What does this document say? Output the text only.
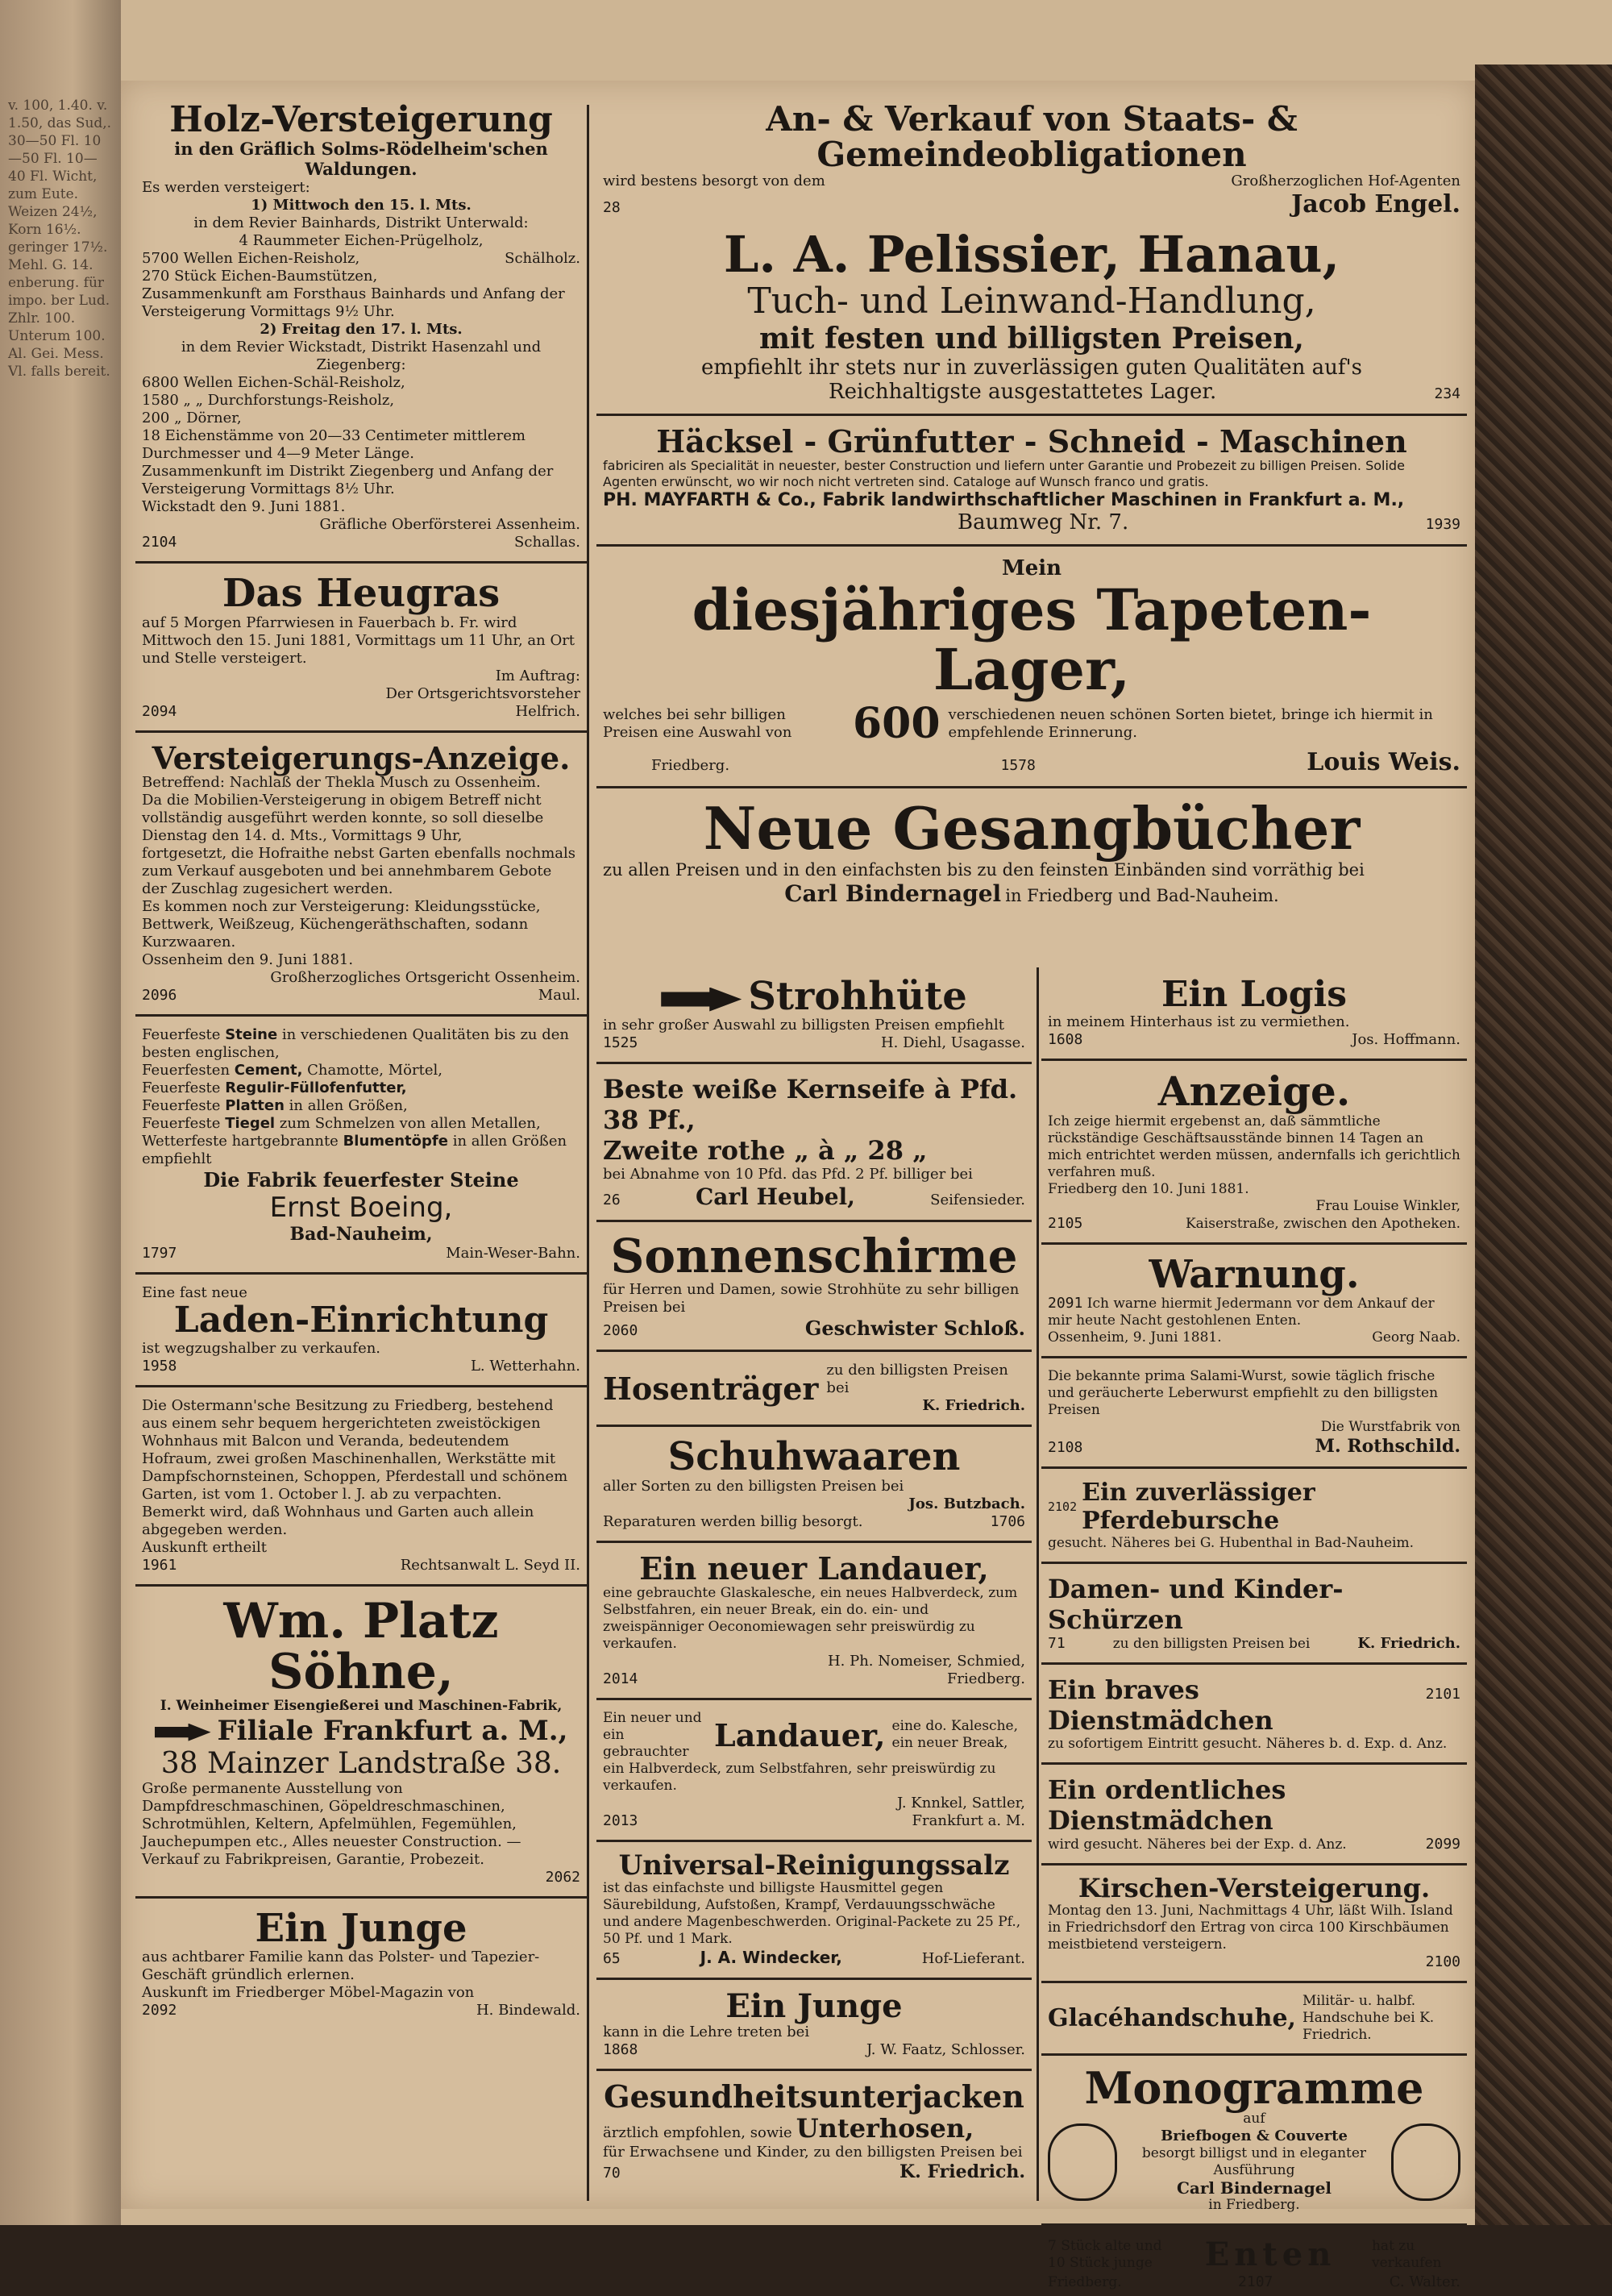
v. 100, 1.40. v. 1.50, das Sud,. 30—50 Fl. 10—50 Fl. 10—40 Fl. Wicht, zum Eute. Weizen 24½, Korn 16½. geringer 17½. Mehl. G. 14. enberung. für impo. ber Lud. Zhlr. 100. Unterum 100. Al. Gei. Mess. Vl. falls bereit.
Holz-Versteigerung
in den Gräflich Solms-Rödelheim'schen Waldungen.

Es werden versteigert:

1) Mittwoch den 15. l. Mts.

in dem Revier Bainhards, Distrikt Unterwald:

4 Raummeter Eichen-Prügelholz,

5700 Wellen Eichen-Reisholz,	Schälholz.

270 Stück Eichen-Baumstützen,

Zusammenkunft am Forsthaus Bainhards und Anfang der Versteigerung Vormittags 9½ Uhr.

2) Freitag den 17. l. Mts.

in dem Revier Wickstadt, Distrikt Hasenzahl und Ziegenberg:

6800 Wellen Eichen-Schäl-Reisholz,

1580 „ „ Durchforstungs-Reisholz,

200 „ Dörner,

18 Eichenstämme von 20—33 Centimeter mittlerem Durchmesser und 4—9 Meter Länge.

Zusammenkunft im Distrikt Ziegenberg und Anfang der Versteigerung Vormittags 8½ Uhr.

Wickstadt den 9. Juni 1881.

Gräfliche Oberförsterei Assenheim.

2104	Schallas.
Das Heugras

auf 5 Morgen Pfarrwiesen in Fauerbach b. Fr. wird Mittwoch den 15. Juni 1881, Vormittags um 11 Uhr, an Ort und Stelle versteigert.

Im Auftrag:

Der Ortsgerichtsvorsteher

2094	Helfrich.
Versteigerungs-Anzeige.

Betreffend: Nachlaß der Thekla Musch zu Ossenheim.

Da die Mobilien-Versteigerung in obigem Betreff nicht vollständig ausgeführt werden konnte, so soll dieselbe Dienstag den 14. d. Mts., Vormittags 9 Uhr,

fortgesetzt, die Hofraithe nebst Garten ebenfalls nochmals zum Verkauf ausgeboten und bei annehmbarem Gebote der Zuschlag zugesichert werden.

Es kommen noch zur Versteigerung: Kleidungsstücke, Bettwerk, Weißzeug, Küchengeräthschaften, sodann Kurzwaaren.

Ossenheim den 9. Juni 1881.

Großherzogliches Ortsgericht Ossenheim.

2096	Maul.

Feuerfeste Steine in verschiedenen Qualitäten bis zu den besten englischen,

Feuerfesten Cement, Chamotte, Mörtel,

Feuerfeste Regulir-Füllofenfutter,

Feuerfeste Platten in allen Größen,

Feuerfeste Tiegel zum Schmelzen von allen Metallen,

Wetterfeste hartgebrannte Blumentöpfe in allen Größen

empfiehlt

Die Fabrik feuerfester Steine
Ernst Boeing,
Bad-Nauheim,
1797	Main-Weser-Bahn.

Eine fast neue

Laden-Einrichtung

ist wegzugshalber zu verkaufen.

1958	L. Wetterhahn.

Die Ostermann'sche Besitzung zu Friedberg, bestehend aus einem sehr bequem hergerichteten zweistöckigen Wohnhaus mit Balcon und Veranda, bedeutendem Hofraum, zwei großen Maschinenhallen, Werkstätte mit Dampfschornsteinen, Schoppen, Pferdestall und schönem Garten, ist vom 1. October l. J. ab zu verpachten.

Bemerkt wird, daß Wohnhaus und Garten auch allein abgegeben werden.

Auskunft ertheilt

1961	Rechtsanwalt L. Seyd II.
Wm. Platz Söhne,
I. Weinheimer Eisengießerei und Maschinen-Fabrik,
Filiale Frankfurt a. M.,
38 Mainzer Landstraße 38.

Große permanente Ausstellung von Dampfdreschmaschinen, Göpeldreschmaschinen, Schrotmühlen, Keltern, Apfelmühlen, Fegemühlen, Jauchepumpen etc., Alles neuester Construction. — Verkauf zu Fabrikpreisen, Garantie, Probezeit.

2062

Ein Junge

aus achtbarer Familie kann das Polster- und Tapezier-Geschäft gründlich erlernen.

Auskunft im Friedberger Möbel-Magazin von

2092	H. Bindewald.
An- & Verkauf von Staats- & Gemeindeobligationen
wird bestens besorgt von dem	Großherzoglichen Hof-Agenten
28	Jacob Engel.
L. A. Pelissier, Hanau,
Tuch- und Leinwand-Handlung,
mit festen und billigsten Preisen,
empfiehlt ihr stets nur in zuverlässigen guten Qualitäten auf's
Reichhaltigste ausgestattetes Lager.	234
Häcksel - Grünfutter - Schneid - Maschinen

fabriciren als Specialität in neuester, bester Construction und liefern unter Garantie und Probezeit zu billigen Preisen. Solide Agenten erwünscht, wo wir noch nicht vertreten sind. Cataloge auf Wunsch franco und gratis.

PH. MAYFARTH & Co., Fabrik landwirthschaftlicher Maschinen in Frankfurt a. M.,
Baumweg Nr. 7.	1939
Mein
diesjähriges Tapeten-Lager,

welches bei sehr billigen Preisen eine Auswahl von	600 verschiedenen neuen schönen Sorten bietet, bringe ich hiermit in empfehlende Erinnerung.

Friedberg.	1578	Louis Weis.
Neue Gesangbücher

zu allen Preisen und in den einfachsten bis zu den feinsten Einbänden sind vorräthig bei

Carl Bindernagel in Friedberg und Bad-Nauheim.
Strohhüte

in sehr großer Auswahl zu billigsten Preisen empfiehlt

1525	H. Diehl, Usagasse.
Beste weiße Kernseife à Pfd. 38 Pf.,
Zweite rothe „ à „ 28 „

bei Abnahme von 10 Pfd. das Pfd. 2 Pf. billiger bei

26	Carl Heubel,	Seifensieder.
Sonnenschirme

für Herren und Damen, sowie Strohhüte zu sehr billigen Preisen bei

2060	Geschwister Schloß.
Hosenträger zu den billigsten Preisen bei
K. Friedrich.
Schuhwaaren

aller Sorten zu den billigsten Preisen bei

Jos. Butzbach.

Reparaturen werden billig besorgt.	1706
Ein neuer Landauer,

eine gebrauchte Glaskalesche, ein neues Halbverdeck, zum Selbstfahren, ein neuer Break, ein do. ein- und zweispänniger Oeconomiewagen sehr preiswürdig zu verkaufen.

H. Ph. Nomeiser, Schmied,

2014	Friedberg.
Ein neuer und ein gebrauchter Landauer, eine do. Kalesche, ein neuer Break,

ein Halbverdeck, zum Selbstfahren, sehr preiswürdig zu verkaufen.

J. Knnkel, Sattler,

2013	Frankfurt a. M.
Universal-Reinigungssalz

ist das einfachste und billigste Hausmittel gegen Säurebildung, Aufstoßen, Krampf, Verdauungsschwäche und andere Magenbeschwerden. Original-Packete zu 25 Pf., 50 Pf. und 1 Mark.

65	J. A. Windecker,	Hof-Lieferant.
Ein Junge

kann in die Lehre treten bei

1868	J. W. Faatz, Schlosser.
Gesundheitsunterjacken
ärztlich empfohlen, sowie Unterhosen,

für Erwachsene und Kinder, zu den billigsten Preisen bei

70	K. Friedrich.
Ein Logis

in meinem Hinterhaus ist zu vermiethen.

1608	Jos. Hoffmann.
Anzeige.

Ich zeige hiermit ergebenst an, daß sämmtliche rückständige Geschäftsausstände binnen 14 Tagen an mich entrichtet werden müssen, andernfalls ich gerichtlich verfahren muß.

Friedberg den 10. Juni 1881.

Frau Louise Winkler,

2105	Kaiserstraße, zwischen den Apotheken.
Warnung.

2091 Ich warne hiermit Jedermann vor dem Ankauf der mir heute Nacht gestohlenen Enten.

Ossenheim, 9. Juni 1881.	Georg Naab.

Die bekannte prima Salami-Wurst, sowie täglich frische und geräucherte Leberwurst empfiehlt zu den billigsten Preisen

Die Wurstfabrik von

2108	M. Rothschild.
2102 Ein zuverlässiger Pferdebursche

gesucht. Näheres bei G. Hubenthal in Bad-Nauheim.

Damen- und Kinder-Schürzen
71	zu den billigsten Preisen bei	K. Friedrich.
Ein braves Dienstmädchen
2101

zu sofortigem Eintritt gesucht. Näheres b. d. Exp. d. Anz.

Ein ordentliches Dienstmädchen
wird gesucht. Näheres bei der Exp. d. Anz.	2099
Kirschen-Versteigerung.

Montag den 13. Juni, Nachmittags 4 Uhr, läßt Wilh. Island in Friedrichsdorf den Ertrag von circa 100 Kirschbäumen meistbietend versteigern.

2100

Glacéhandschuhe,
Militär- u. halbf. Handschuhe bei K. Friedrich.
Monogramme

auf

Briefbogen & Couverte

besorgt billigst und in eleganter Ausführung

Carl Bindernagel

in Friedberg.

7 Stück alte und 10 Stück junge	Enten	hat zu verkaufen
Friedberg.	2107	C. Walter.
